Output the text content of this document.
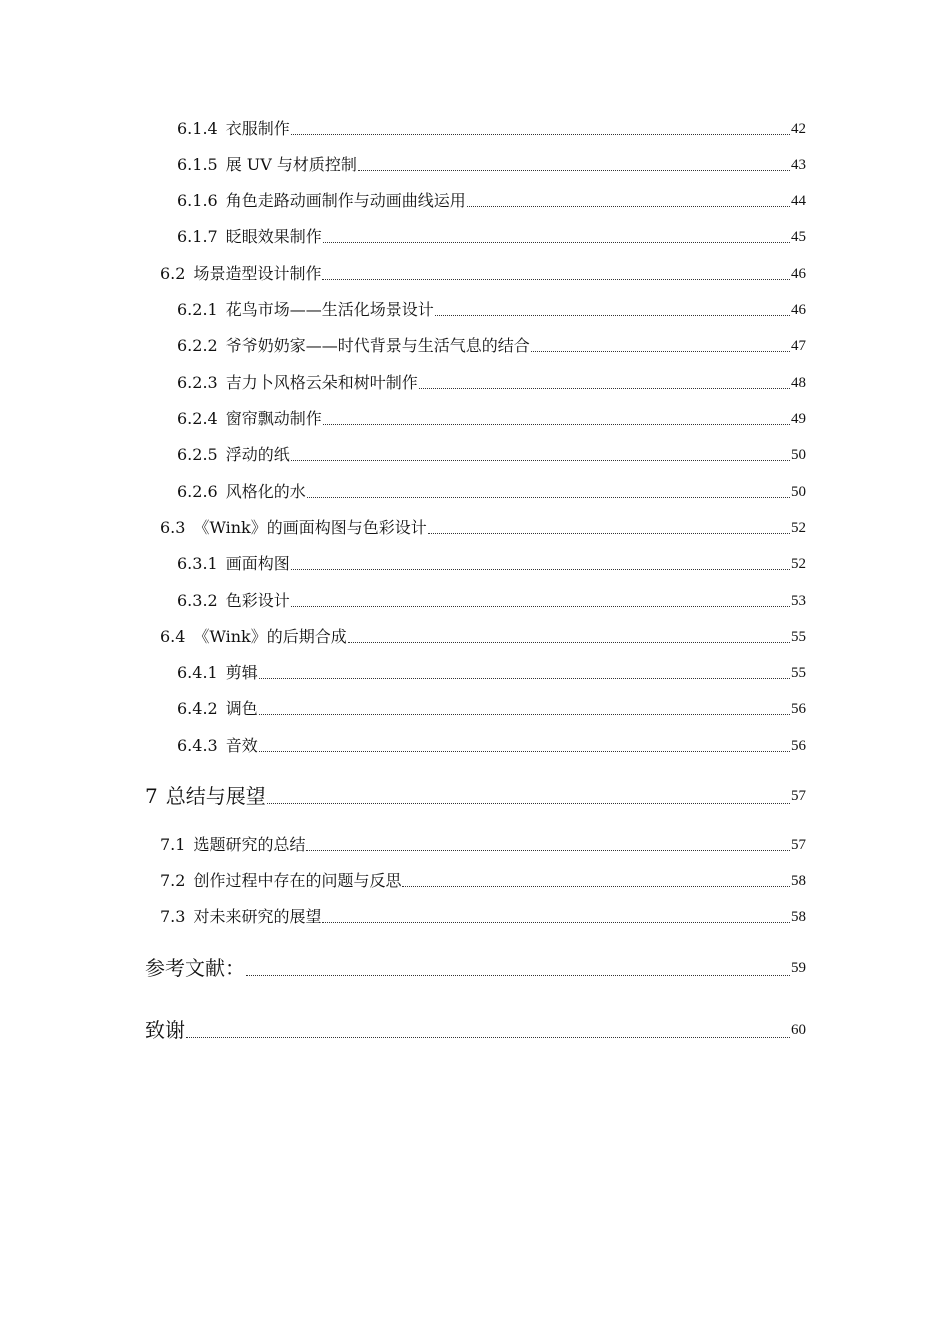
6.1.4 衣服制作	42
6.1.5 展 UV 与材质控制	43
6.1.6 角色走路动画制作与动画曲线运用	44
6.1.7 眨眼效果制作	45
6.2 场景造型设计制作	46
6.2.1 花鸟市场——生活化场景设计	46
6.2.2 爷爷奶奶家——时代背景与生活气息的结合	47
6.2.3 吉力卜风格云朵和树叶制作	48
6.2.4 窗帘飘动制作	49
6.2.5 浮动的纸	50
6.2.6 风格化的水	50
6.3 《Wink》的画面构图与色彩设计	52
6.3.1 画面构图	52
6.3.2 色彩设计	53
6.4 《Wink》的后期合成	55
6.4.1 剪辑	55
6.4.2 调色	56
6.4.3 音效	56
7 总结与展望	57
7.1 选题研究的总结	57
7.2 创作过程中存在的问题与反思	58
7.3 对未来研究的展望	58
参考文献：	59
致谢	60
